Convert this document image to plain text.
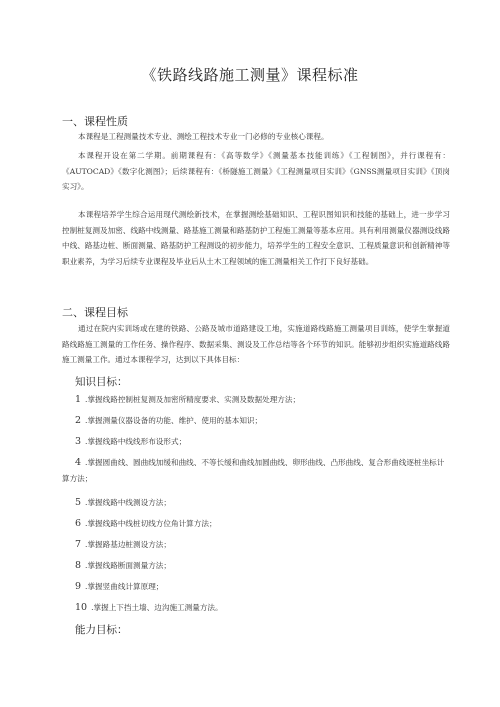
《铁路线路施工测量》课程标准
一、课程性质

本课程是工程测量技术专业、测绘工程技术专业一门必修的专业核心课程。

本课程开设在第二学期。前期课程有：《高等数学》《测量基本技能训练》《工程制图》，并行课程有：《AUTOCAD》《数字化测图》；后续课程有：《桥隧施工测量》《工程测量项目实训》《GNSS测量项目实训》《顶岗实习》。

本课程培养学生综合运用现代测绘新技术，在掌握测绘基础知识、工程识图知识和技能的基础上，进一步学习控制桩复测及加密、线路中线测量、路基施工测量和路基防护工程施工测量等基本应用。具有利用测量仪器测设线路中线、路基边桩、断面测量、路基防护工程测设的初步能力，培养学生的工程安全意识、工程质量意识和创新精神等职业素养，为学习后续专业课程及毕业后从土木工程领域的施工测量相关工作打下良好基础。

二、课程目标

通过在院内实训场或在建的铁路、公路及城市道路建设工地，实施道路线路施工测量项目训练，使学生掌握道路线路施工测量的工作任务、操作程序、数据采集、测设及工作总结等各个环节的知识。能够初步组织实施道路线路施工测量工作。通过本课程学习，达到以下具体目标：

知识目标：

1 .掌握线路控制桩复测及加密所精度要求、实测及数据处理方法；

2 .掌握测量仪器设备的功能、维护、使用的基本知识；

3 .掌握线路中线线形布设形式；

4 .掌握圆曲线、圆曲线加缓和曲线、不等长缓和曲线加圆曲线、卵形曲线、凸形曲线、复合形曲线逐桩坐标计算方法；

5 .掌握线路中线测设方法；

6 .掌握线路中线桩切线方位角计算方法；

7 .掌握路基边桩测设方法；

8 .掌握线路断面测量方法；

9 .掌握竖曲线计算原理；

10 .掌握上下挡土墙、边沟施工测量方法。

能力目标：
